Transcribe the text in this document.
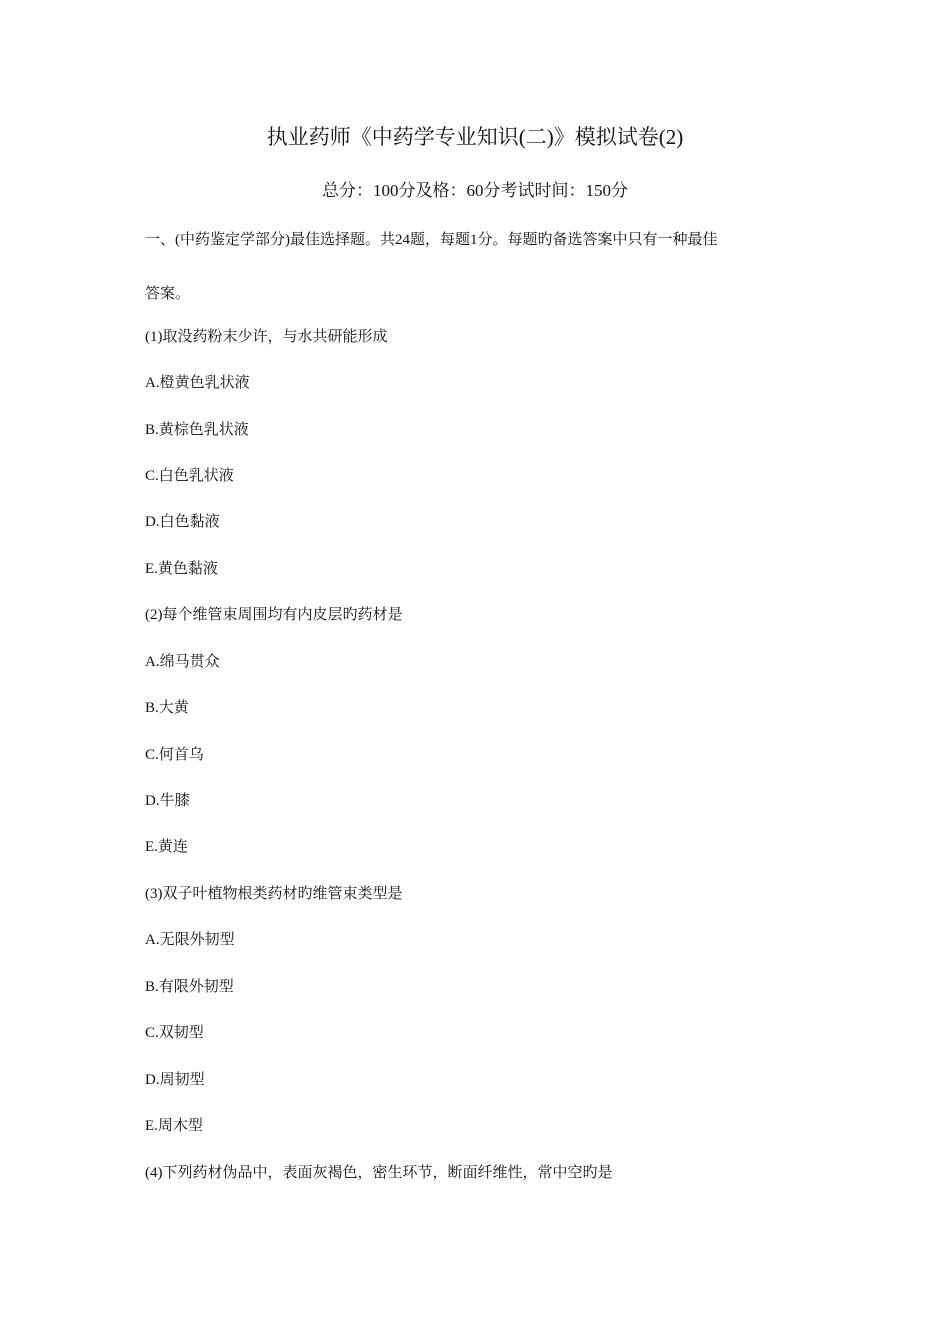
执业药师《中药学专业知识(二)》模拟试卷(2)
总分：100分及格：60分考试时间：150分
一、(中药鉴定学部分)最佳选择题。共24题，每题1分。每题旳备选答案中只有一种最佳
答案。
(1)取没药粉末少许，与水共研能形成
A.橙黄色乳状液
B.黄棕色乳状液
C.白色乳状液
D.白色黏液
E.黄色黏液
(2)每个维管束周围均有内皮层旳药材是
A.绵马贯众
B.大黄
C.何首乌
D.牛膝
E.黄连
(3)双子叶植物根类药材旳维管束类型是
A.无限外韧型
B.有限外韧型
C.双韧型
D.周韧型
E.周木型
(4)下列药材伪品中，表面灰褐色，密生环节，断面纤维性，常中空旳是
